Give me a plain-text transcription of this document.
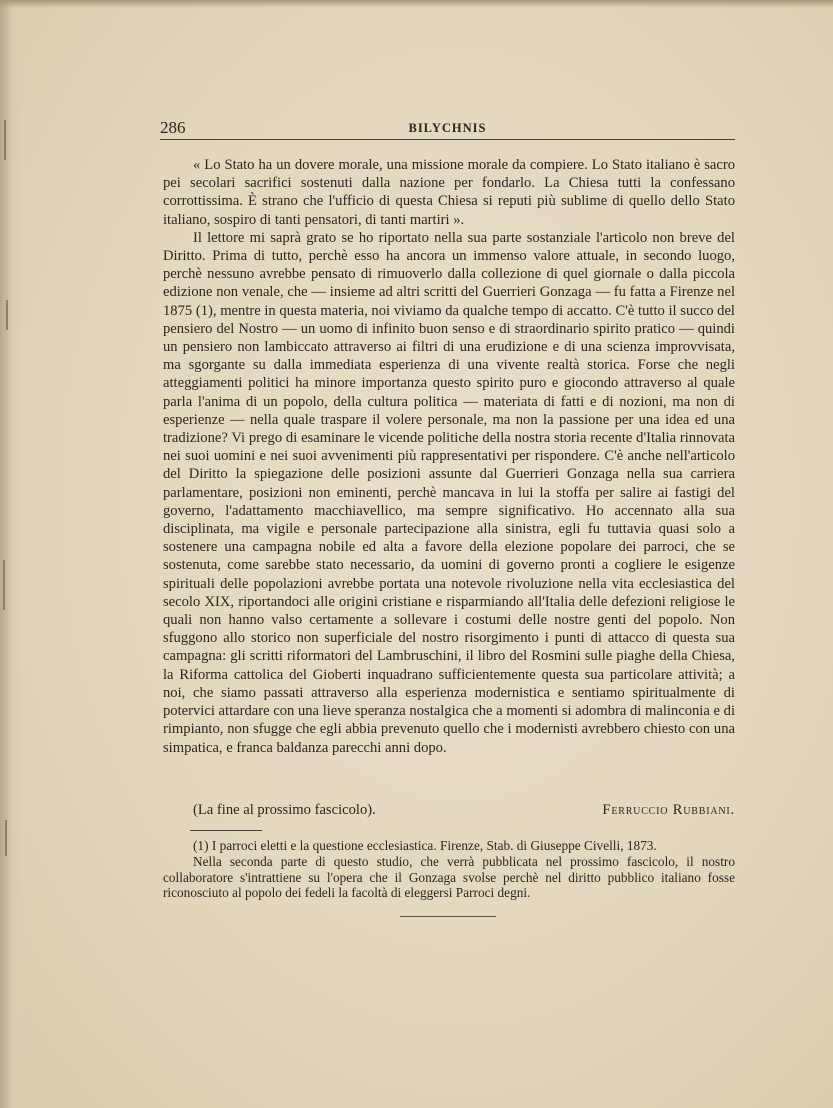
286	BILYCHNIS

« Lo Stato ha un dovere morale, una missione morale da compiere. Lo Stato italiano è sacro pei secolari sacrifici sostenuti dalla nazione per fondarlo. La Chiesa tutti la confessano corrottissima. È strano che l'ufficio di questa Chiesa si reputi più sublime di quello dello Stato italiano, sospiro di tanti pensatori, di tanti martiri ».

Il lettore mi saprà grato se ho riportato nella sua parte sostanziale l'articolo non breve del Diritto. Prima di tutto, perchè esso ha ancora un immenso valore attuale, in secondo luogo, perchè nessuno avrebbe pensato di rimuoverlo dalla collezione di quel giornale o dalla piccola edizione non venale, che — insieme ad altri scritti del Guerrieri Gonzaga — fu fatta a Firenze nel 1875 (1), mentre in questa materia, noi viviamo da qualche tempo di accatto. C'è tutto il succo del pensiero del Nostro — un uomo di infinito buon senso e di straordinario spirito pratico — quindi un pensiero non lambiccato attraverso ai filtri di una erudizione e di una scienza improvvisata, ma sgorgante su dalla immediata esperienza di una vivente realtà storica. Forse che negli atteggiamenti politici ha minore importanza questo spirito puro e giocondo attraverso al quale parla l'anima di un popolo, della cultura politica — materiata di fatti e di nozioni, ma non di esperienze — nella quale traspare il volere personale, ma non la passione per una idea ed una tradizione? Vi prego di esaminare le vicende politiche della nostra storia recente d'Italia rinnovata nei suoi uomini e nei suoi avvenimenti più rappresentativi per rispondere. C'è anche nell'articolo del Diritto la spiegazione delle posizioni assunte dal Guerrieri Gonzaga nella sua carriera parlamentare, posizioni non eminenti, perchè mancava in lui la stoffa per salire ai fastigi del governo, l'adattamento macchiavellico, ma sempre significativo. Ho accennato alla sua disciplinata, ma vigile e personale partecipazione alla sinistra, egli fu tuttavia quasi solo a sostenere una campagna nobile ed alta a favore della elezione popolare dei parroci, che se sostenuta, come sarebbe stato necessario, da uomini di governo pronti a cogliere le esigenze spirituali delle popolazioni avrebbe portata una notevole rivoluzione nella vita ecclesiastica del secolo XIX, riportandoci alle origini cristiane e risparmiando all'Italia delle defezioni religiose le quali non hanno valso certamente a sollevare i costumi delle nostre genti del popolo. Non sfuggono allo storico non superficiale del nostro risorgimento i punti di attacco di questa sua campagna: gli scritti riformatori del Lambruschini, il libro del Rosmini sulle piaghe della Chiesa, la Riforma cattolica del Gioberti inquadrano sufficientemente questa sua particolare attività; a noi, che siamo passati attraverso alla esperienza modernistica e sentiamo spiritualmente di potervici attardare con una lieve speranza nostalgica che a momenti si adombra di malinconia e di rimpianto, non sfugge che egli abbia prevenuto quello che i modernisti avrebbero chiesto con una simpatica, e franca baldanza parecchi anni dopo.

(La fine al prossimo fascicolo).	Ferruccio Rubbiani.

(1) I parroci eletti e la questione ecclesiastica. Firenze, Stab. di Giuseppe Civelli, 1873.

Nella seconda parte di questo studio, che verrà pubblicata nel prossimo fascicolo, il nostro collaboratore s'intrattiene su l'opera che il Gonzaga svolse perchè nel diritto pubblico italiano fosse riconosciuto al popolo dei fedeli la facoltà di eleggersi Parroci degni.
